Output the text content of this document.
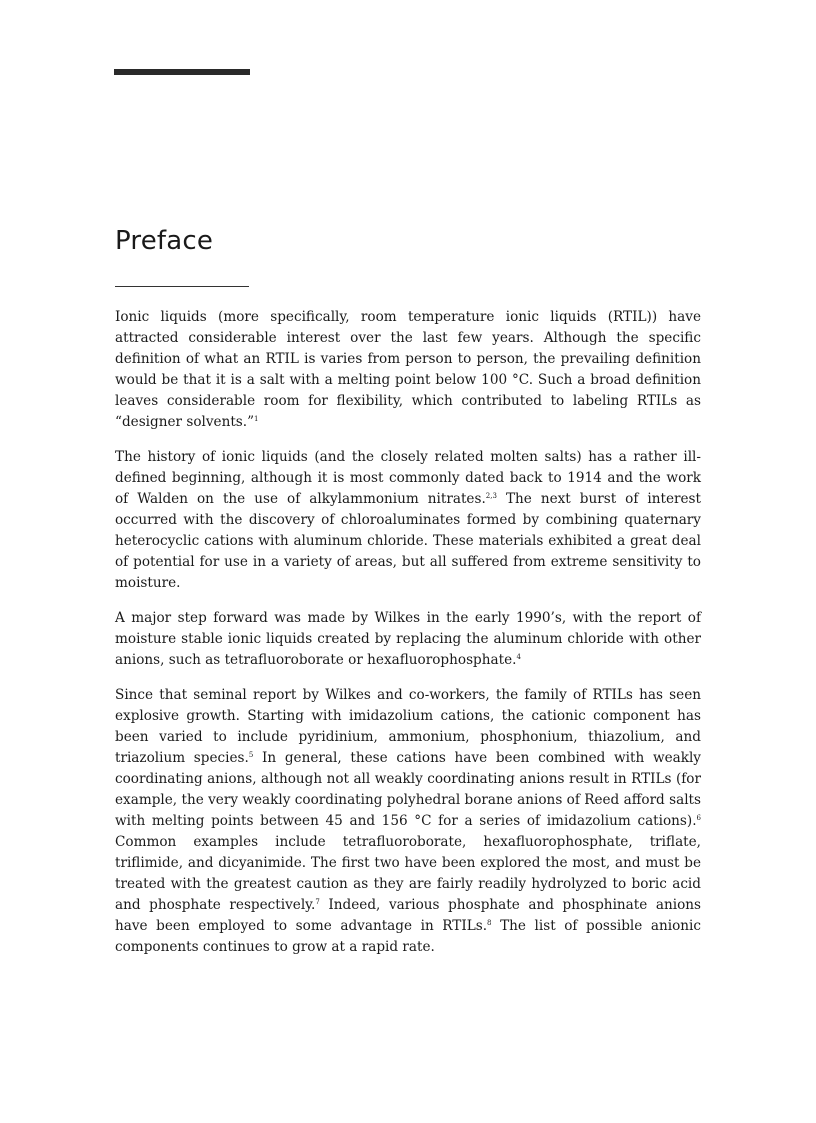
Preface

Ionic liquids (more specifically, room temperature ionic liquids (RTIL)) have attracted considerable interest over the last few years. Although the specific definition of what an RTIL is varies from person to person, the prevailing definition would be that it is a salt with a melting point below 100 °C. Such a broad definition leaves considerable room for flexibility, which contributed to labeling RTILs as “designer solvents.”$^1$

The history of ionic liquids (and the closely related molten salts) has a rather ill-defined beginning, although it is most commonly dated back to 1914 and the work of Walden on the use of alkylammonium nitrates.$^{2,3}$ The next burst of interest occurred with the discovery of chloroaluminates formed by combining quaternary heterocyclic cations with aluminum chloride. These materials exhibited a great deal of potential for use in a variety of areas, but all suffered from extreme sensitivity to moisture.

A major step forward was made by Wilkes in the early 1990’s, with the report of moisture stable ionic liquids created by replacing the aluminum chloride with other anions, such as tetrafluoroborate or hexafluorophosphate.$^4$

Since that seminal report by Wilkes and co-workers, the family of RTILs has seen explosive growth. Starting with imidazolium cations, the cationic component has been varied to include pyridinium, ammonium, phosphonium, thiazolium, and triazolium species.$^5$ In general, these cations have been combined with weakly coordinating anions, although not all weakly coordinating anions result in RTILs (for example, the very weakly coordinating polyhedral borane anions of Reed afford salts with melting points between 45 and 156 °C for a series of imidazolium cations).$^6$ Common examples include tetrafluoroborate, hexafluorophosphate, triflate, triflimide, and dicyanimide. The first two have been explored the most, and must be treated with the greatest caution as they are fairly readily hydrolyzed to boric acid and phosphate respectively.$^7$ Indeed, various phosphate and phosphinate anions have been employed to some advantage in RTILs.$^8$ The list of possible anionic components continues to grow at a rapid rate.
